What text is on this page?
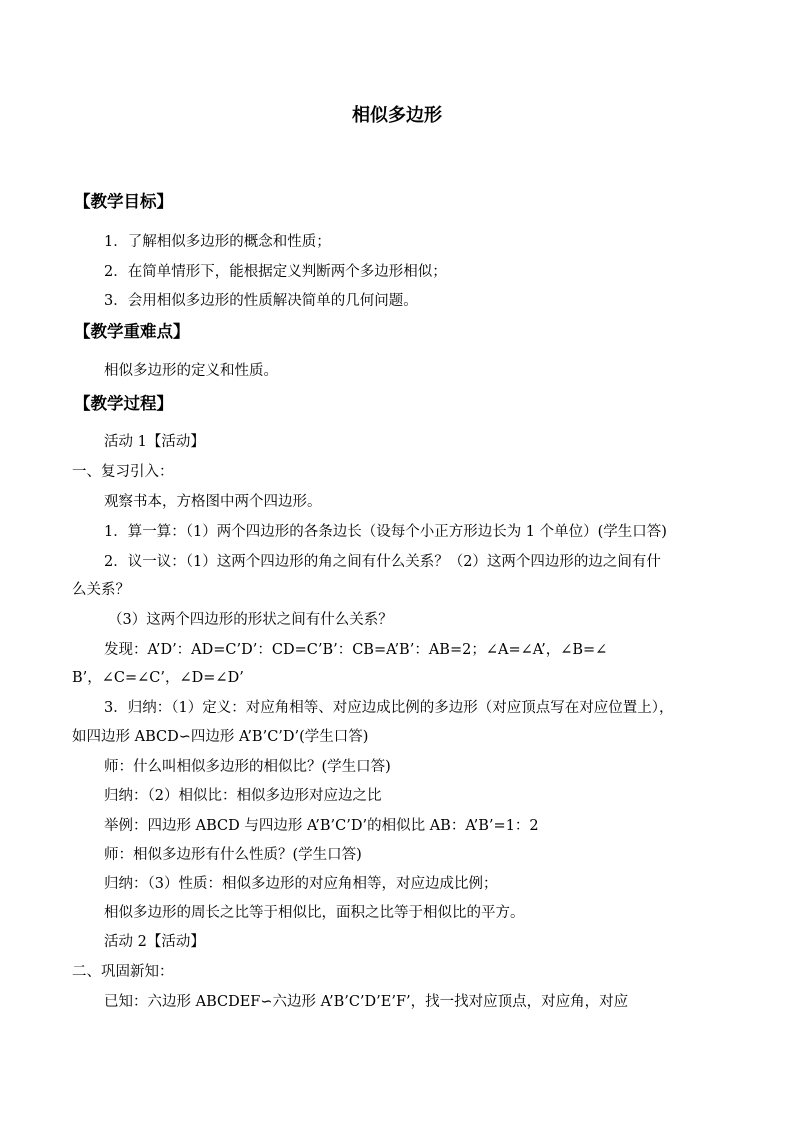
相似多边形
【教学目标】
1．了解相似多边形的概念和性质；
2．在简单情形下，能根据定义判断两个多边形相似；
3．会用相似多边形的性质解决简单的几何问题。
【教学重难点】
相似多边形的定义和性质。
【教学过程】
活动 1【活动】
一、复习引入：
观察书本，方格图中两个四边形。
1．算一算：（1）两个四边形的各条边长（设每个小正方形边长为 1 个单位）(学生口答)
2．议一议：（1）这两个四边形的角之间有什么关系？（2）这两个四边形的边之间有什
么关系？
（3）这两个四边形的形状之间有什么关系？
发现：A’D’：AD=C’D’：CD=C’B’：CB=A’B’：AB=2；∠A=∠A’，∠B=∠
B’，∠C=∠C’，∠D=∠D’
3．归纳：（1）定义：对应角相等、对应边成比例的多边形（对应顶点写在对应位置上），
如四边形 ABCD∽四边形 A’B’C’D’(学生口答)
师：什么叫相似多边形的相似比？(学生口答)
归纳：（2）相似比：相似多边形对应边之比
举例：四边形 ABCD 与四边形 A’B’C’D’的相似比 AB：A’B’=1：2
师：相似多边形有什么性质？(学生口答)
归纳：（3）性质：相似多边形的对应角相等，对应边成比例；
相似多边形的周长之比等于相似比，面积之比等于相似比的平方。
活动 2【活动】
二、巩固新知：
已知：六边形 ABCDEF∽六边形 A’B’C’D’E’F’，找一找对应顶点，对应角，对应
